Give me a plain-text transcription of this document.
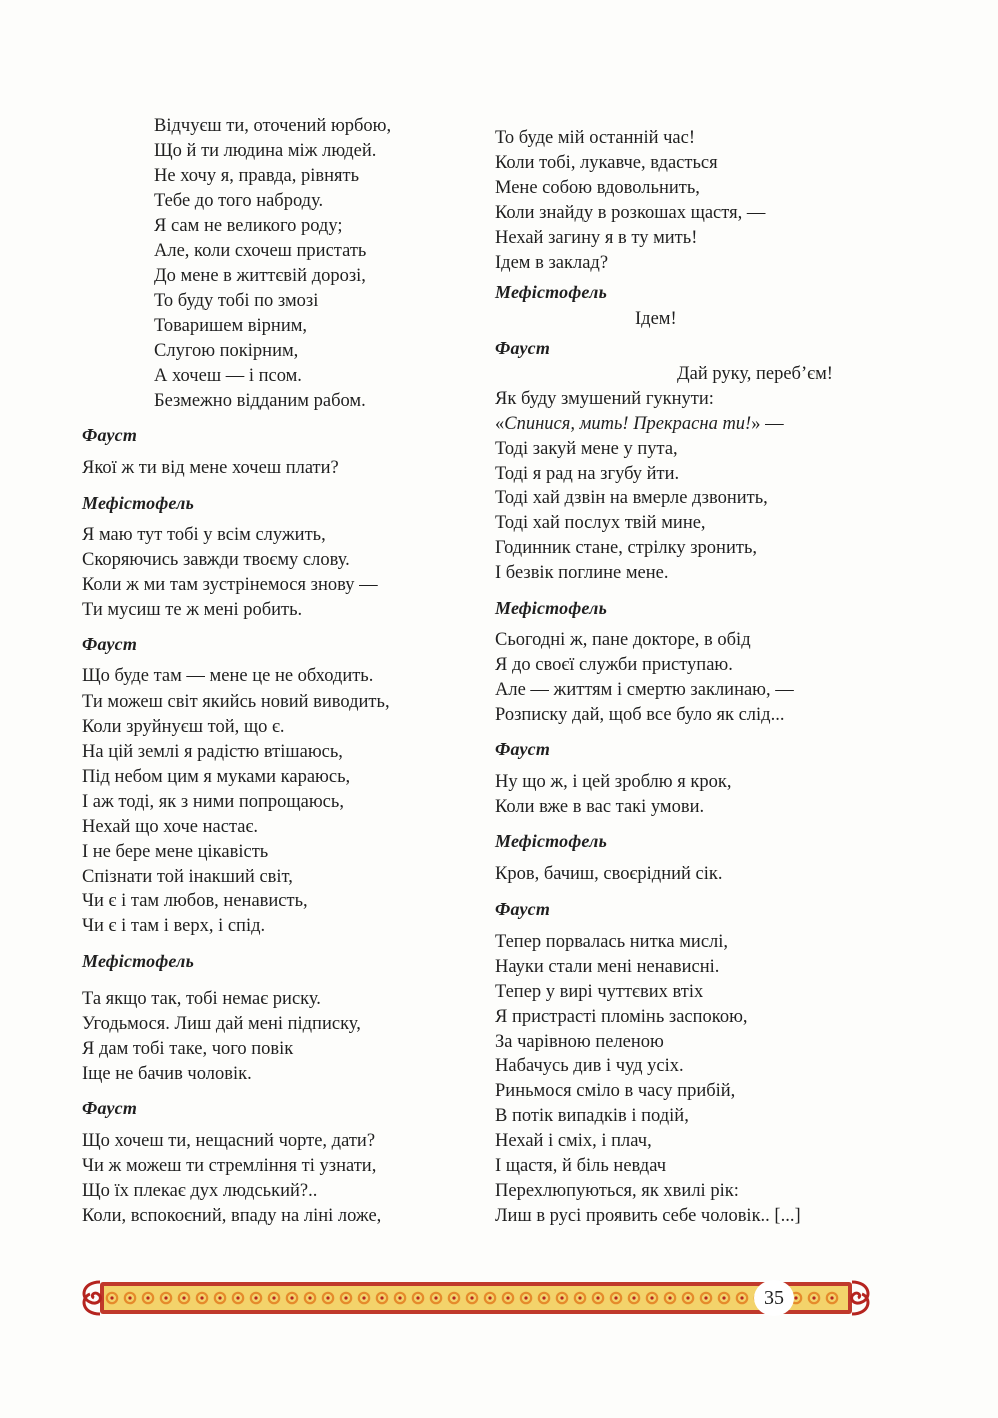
Відчуєш ти, оточений юрбою,
Що й ти людина між людей.
Не хочу я, правда, рівнять
Тебе до того наброду.
Я сам не великого роду;
Але, коли схочеш пристать
До мене в життєвій дорозі,
То буду тобі по змозі
Товаришем вірним,
Слугою покірним,
А хочеш — і псом.
Безмежно відданим рабом.
Фауст
Якої ж ти від мене хочеш плати?
Мефістофель
Я маю тут тобі у всім служить,
Скоряючись завжди твоєму слову.
Коли ж ми там зустрінемося знову —
Ти мусиш те ж мені робить.
Фауст
Що буде там — мене це не обходить.
Ти можеш світ якийсь новий виводить,
Коли зруйнуєш той, що є.
На цій землі я радістю втішаюсь,
Під небом цим я муками караюсь,
І аж тоді, як з ними попрощаюсь,
Нехай що хоче настає.
І не бере мене цікавість
Спізнати той інакший світ,
Чи є і там любов, ненависть,
Чи є і там і верх, і спід.
Мефістофель
Та якщо так, тобі немає риску.
Угодьмося. Лиш дай мені підписку,
Я дам тобі таке, чого повік
Іще не бачив чоловік.
Фауст
Що хочеш ти, нещасний чорте, дати?
Чи ж можеш ти стремління ті узнати,
Що їх плекає дух людський?..
Коли, вспокоєний, впаду на ліні ложе,
То буде мій останній час!
Коли тобі, лукавче, вдасться
Мене собою вдовольнить,
Коли знайду в розкошах щастя, —
Нехай загину я в ту мить!
Ідем в заклад?
Мефістофель
Ідем!
Фауст
Дай руку, переб’єм!
Як буду змушений гукнути:
«Спинися, мить! Прекрасна ти!» —
Тоді закуй мене у пута,
Тоді я рад на згубу йти.
Тоді хай дзвін на вмерле дзвонить,
Тоді хай послух твій мине,
Годинник стане, стрілку зронить,
І безвік поглине мене.
Мефістофель
Сьогодні ж, пане докторе, в обід
Я до своєї служби приступаю.
Але — життям і смертю заклинаю, —
Розписку дай, щоб все було як слід...
Фауст
Ну що ж, і цей зроблю я крок,
Коли вже в вас такі умови.
Мефістофель
Кров, бачиш, своєрідний сік.
Фауст
Тепер порвалась нитка мислі,
Науки стали мені ненависні.
Тепер у вирі чуттєвих втіх
Я пристрасті пломінь заспокою,
За чарівною пеленою
Набачусь див і чуд усіх.
Риньмося сміло в часу прибій,
В потік випадків і подій,
Нехай і сміх, і плач,
І щастя, й біль невдач
Перехлюпуються, як хвилі рік:
Лиш в русі проявить себе чоловік.. [...]
35
